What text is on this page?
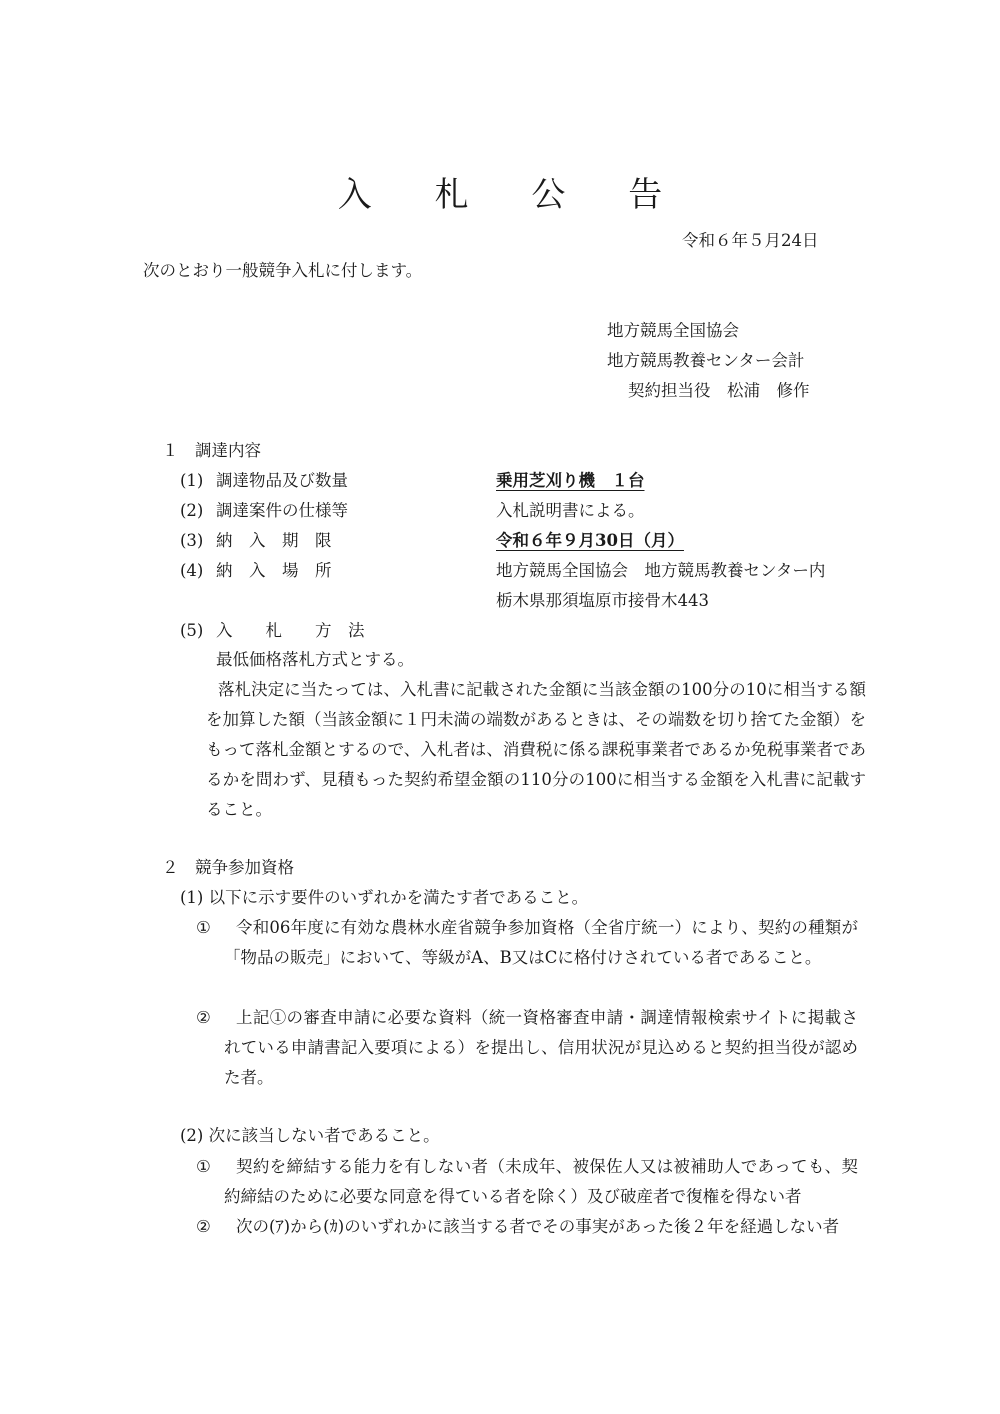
入 札 公 告
令和６年５月24日
次のとおり一般競争入札に付します。
地方競馬全国協会
地方競馬教養センター会計
契約担当役　松浦　修作
１　調達内容
(1) 調達物品及び数量	乗用芝刈り機　１台
(2) 調達案件の仕様等	入札説明書による。
(3) 納　入　期　限	令和６年９月30日（月）
(4) 納　入　場　所	地方競馬全国協会　地方競馬教養センター内
栃木県那須塩原市接骨木443
(5) 入　　札　　方　法
最低価格落札方式とする。
落札決定に当たっては、入札書に記載された金額に当該金額の100分の10に相当する額を加算した額（当該金額に１円未満の端数があるときは、その端数を切り捨てた金額）をもって落札金額とするので、入札者は、消費税に係る課税事業者であるか免税事業者であるかを問わず、見積もった契約希望金額の110分の100に相当する金額を入札書に記載すること。
２　競争参加資格
(1) 以下に示す要件のいずれかを満たす者であること。
①	令和06年度に有効な農林水産省競争参加資格（全省庁統一）により、契約の種類が「物品の販売」において、等級がA、B又はCに格付けされている者であること。
②	上記①の審査申請に必要な資料（統一資格審査申請・調達情報検索サイトに掲載されている申請書記入要項による）を提出し、信用状況が見込めると契約担当役が認めた者。
(2) 次に該当しない者であること。
①	契約を締結する能力を有しない者（未成年、被保佐人又は被補助人であっても、契約締結のために必要な同意を得ている者を除く）及び破産者で復権を得ない者
②	次の(ｱ)から(ｶ)のいずれかに該当する者でその事実があった後２年を経過しない者
